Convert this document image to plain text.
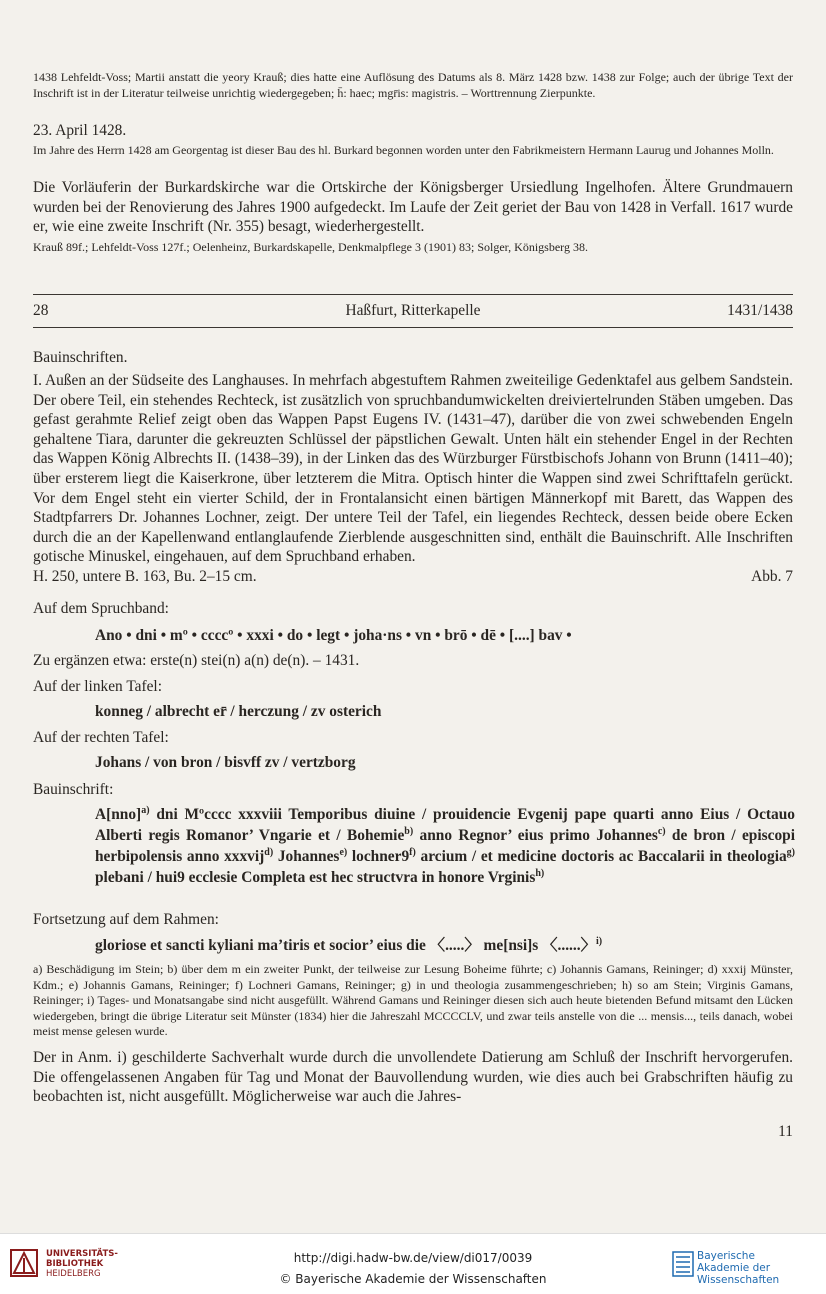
1438 Lehfeldt-Voss; Martii anstatt die yeory Krauß; dies hatte eine Auflösung des Datums als 8. März 1428 bzw. 1438 zur Folge; auch der übrige Text der Inschrift ist in der Literatur teilweise unrichtig wiedergegeben; h̄: haec; mgr̄is: magistris. – Worttrennung Zierpunkte.
23. April 1428.
Im Jahre des Herrn 1428 am Georgentag ist dieser Bau des hl. Burkard begonnen worden unter den Fabrikmeistern Hermann Laurug und Johannes Molln.
Die Vorläuferin der Burkardskirche war die Ortskirche der Königsberger Ursiedlung Ingelhofen. Ältere Grundmauern wurden bei der Renovierung des Jahres 1900 aufgedeckt. Im Laufe der Zeit geriet der Bau von 1428 in Verfall. 1617 wurde er, wie eine zweite Inschrift (Nr. 355) besagt, wiederhergestellt.
Krauß 89f.; Lehfeldt-Voss 127f.; Oelenheinz, Burkardskapelle, Denkmalpflege 3 (1901) 83; Solger, Königsberg 38.
28	Haßfurt, Ritterkapelle	1431/1438
Bauinschriften.
I. Außen an der Südseite des Langhauses. In mehrfach abgestuftem Rahmen zweiteilige Gedenktafel aus gelbem Sandstein. Der obere Teil, ein stehendes Rechteck, ist zusätzlich von spruchbandumwickelten dreiviertelrunden Stäben umgeben. Das gefast gerahmte Relief zeigt oben das Wappen Papst Eugens IV. (1431–47), darüber die von zwei schwebenden Engeln gehaltene Tiara, darunter die gekreuzten Schlüssel der päpstlichen Gewalt. Unten hält ein stehender Engel in der Rechten das Wappen König Albrechts II. (1438–39), in der Linken das des Würzburger Fürstbischofs Johann von Brunn (1411–40); über ersterem liegt die Kaiserkrone, über letzterem die Mitra. Optisch hinter die Wappen sind zwei Schrifttafeln gerückt. Vor dem Engel steht ein vierter Schild, der in Frontalansicht einen bärtigen Männerkopf mit Barett, das Wappen des Stadtpfarrers Dr. Johannes Lochner, zeigt. Der untere Teil der Tafel, ein liegendes Rechteck, dessen beide obere Ecken durch die an der Kapellenwand entlanglaufende Zierblende ausgeschnitten sind, enthält die Bauinschrift. Alle Inschriften gotische Minuskel, eingehauen, auf dem Spruchband erhaben.
H. 250, untere B. 163, Bu. 2–15 cm.	Abb. 7
Auf dem Spruchband:
Ano • dni • mº • ccccº • xxxi • do • legt • joha·ns • vn • brō • dē • [....] bav •
Zu ergänzen etwa: erste(n) stei(n) a(n) de(n). – 1431.
Auf der linken Tafel:
konneg / albrecht er̄ / herczung / zv osterich
Auf der rechten Tafel:
Johans / von bron / bisvff zv / vertzborg
Bauinschrift:
A[nno]$^{a)}$ dni Mºcccc xxxviii Temporibus diuine / prouidencie Evgenij pape quarti anno Eius / Octauo Alberti regis Romanor’ Vngarie et / Bohemie$^{b)}$ anno Regnor’ eius primo Johannes$^{c)}$ de bron / episcopi herbipolensis anno xxxvij$^{d)}$ Johannes$^{e)}$ lochner9$^{f)}$ arcium / et medicine doctoris ac Baccalarii in theologia$^{g)}$ plebani / hui9 ecclesie Completa est hec structvra in honore Vrginis$^{h)}$
Fortsetzung auf dem Rahmen:
gloriose et sancti kyliani ma’tiris et socior’ eius die 〈.....〉 me[nsi]s 〈......〉$^{i)}$
a) Beschädigung im Stein; b) über dem m ein zweiter Punkt, der teilweise zur Lesung Boheime führte; c) Johannis Gamans, Reininger; d) xxxij Münster, Kdm.; e) Johannis Gamans, Reininger; f) Lochneri Gamans, Reininger; g) in und theologia zusammengeschrieben; h) so am Stein; Virginis Gamans, Reininger; i) Tages- und Monatsangabe sind nicht ausgefüllt. Während Gamans und Reininger diesen sich auch heute bietenden Befund mitsamt den Lücken wiedergeben, bringt die übrige Literatur seit Münster (1834) hier die Jahreszahl MCCCCLV, und zwar teils anstelle von die ... mensis..., teils danach, wobei meist mense gelesen wurde.
Der in Anm. i) geschilderte Sachverhalt wurde durch die unvollendete Datierung am Schluß der Inschrift hervorgerufen. Die offengelassenen Angaben für Tag und Monat der Bauvollendung wurden, wie dies auch bei Grabschriften häufig zu beobachten ist, nicht ausgefüllt. Möglicherweise war auch die Jahres-
11
UNIVERSITÄTS-
BIBLIOTHEK
HEIDELBERG
http://digi.hadw-bw.de/view/di017/0039
© Bayerische Akademie der Wissenschaften
Bayerische
Akademie der Wissenschaften
